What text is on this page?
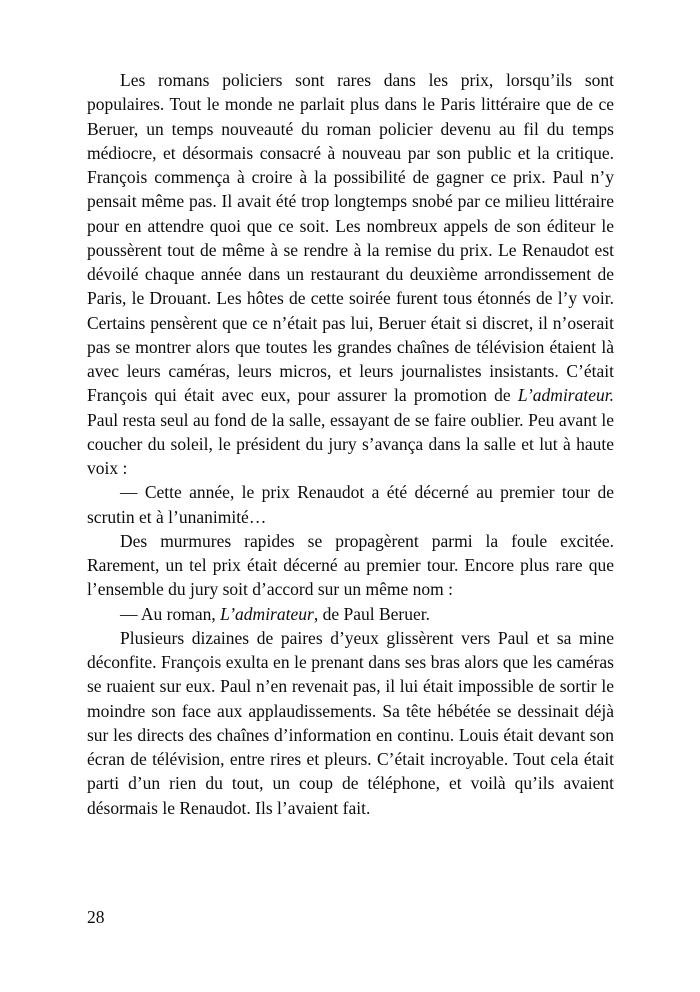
Les romans policiers sont rares dans les prix, lorsqu’ils sont populaires. Tout le monde ne parlait plus dans le Paris littéraire que de ce Beruer, un temps nouveauté du roman policier devenu au fil du temps médiocre, et désormais consacré à nouveau par son public et la critique. François commença à croire à la possibilité de gagner ce prix. Paul n’y pensait même pas. Il avait été trop longtemps snobé par ce milieu littéraire pour en attendre quoi que ce soit. Les nombreux appels de son éditeur le poussèrent tout de même à se rendre à la remise du prix. Le Renaudot est dévoilé chaque année dans un restaurant du deuxième arrondissement de Paris, le Drouant. Les hôtes de cette soirée furent tous étonnés de l’y voir. Certains pensèrent que ce n’était pas lui, Beruer était si discret, il n’oserait pas se montrer alors que toutes les grandes chaînes de télévision étaient là avec leurs caméras, leurs micros, et leurs journalistes insistants. C’était François qui était avec eux, pour assurer la promotion de L’admirateur. Paul resta seul au fond de la salle, essayant de se faire oublier. Peu avant le coucher du soleil, le président du jury s’avança dans la salle et lut à haute voix :

— Cette année, le prix Renaudot a été décerné au premier tour de scrutin et à l’unanimité…

Des murmures rapides se propagèrent parmi la foule excitée. Rarement, un tel prix était décerné au premier tour. Encore plus rare que l’ensemble du jury soit d’accord sur un même nom :

— Au roman, L’admirateur, de Paul Beruer.

Plusieurs dizaines de paires d’yeux glissèrent vers Paul et sa mine déconfite. François exulta en le prenant dans ses bras alors que les caméras se ruaient sur eux. Paul n’en revenait pas, il lui était impossible de sortir le moindre son face aux applaudissements. Sa tête hébétée se dessinait déjà sur les directs des chaînes d’information en continu. Louis était devant son écran de télévision, entre rires et pleurs. C’était incroyable. Tout cela était parti d’un rien du tout, un coup de téléphone, et voilà qu’ils avaient désormais le Renaudot. Ils l’avaient fait.

28
